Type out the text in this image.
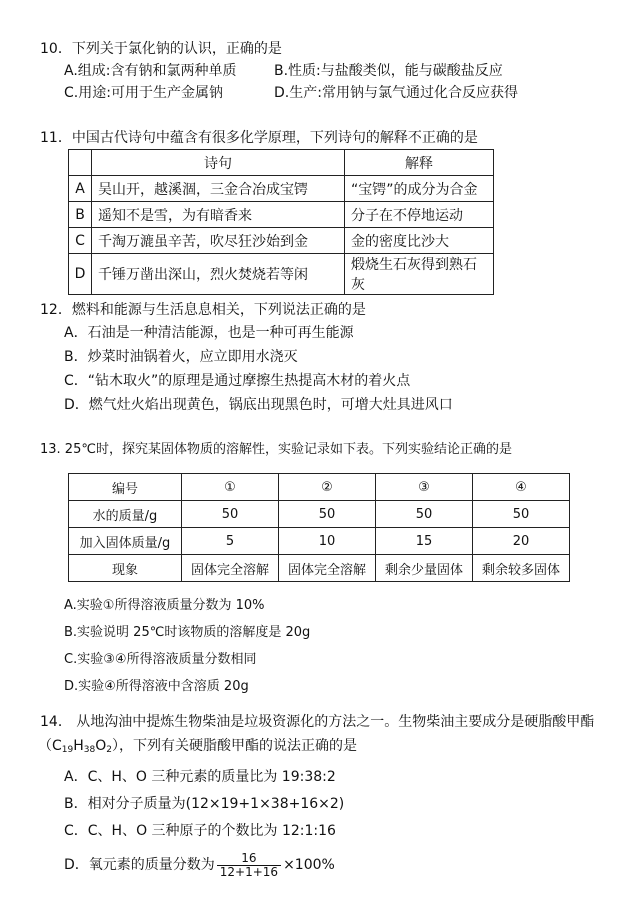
10．下列关于氯化钠的认识，正确的是

A.组成:含有钠和氯两种单质	B.性质:与盐酸类似，能与碳酸盐反应
C.用途:可用于生产金属钠	D.生产:常用钠与氯气通过化合反应获得

11．中国古代诗句中蕴含有很多化学原理，下列诗句的解释不正确的是

	诗句	解释
A	吴山开，越溪涸，三金合冶成宝锷	“宝锷”的成分为合金
B	遥知不是雪，为有暗香来	分子在不停地运动
C	千淘万漉虽辛苦，吹尽狂沙始到金	金的密度比沙大
D	千锤万凿出深山，烈火焚烧若等闲	煅烧生石灰得到熟石灰

12．燃料和能源与生活息息相关，下列说法正确的是

A．石油是一种清洁能源，也是一种可再生能源
B．炒菜时油锅着火，应立即用水浇灭
C．“钻木取火”的原理是通过摩擦生热提高木材的着火点
D．燃气灶火焰出现黄色，锅底出现黑色时，可增大灶具进风口

13. 25℃时，探究某固体物质的溶解性，实验记录如下表。下列实验结论正确的是

编号	①	②	③	④
水的质量/g	50	50	50	50
加入固体质量/g	5	10	15	20
现象	固体完全溶解	固体完全溶解	剩余少量固体	剩余较多固体
A.实验①所得溶液质量分数为 10%
B.实验说明 25℃时该物质的溶解度是 20g
C.实验③④所得溶液质量分数相同
D.实验④所得溶液中含溶质 20g

14． 从地沟油中提炼生物柴油是垃圾资源化的方法之一。生物柴油主要成分是硬脂酸甲酯

$(C_{19}H_{38}O_2)$，下列有关硬脂酸甲酯的说法正确的是

A．C、H、O 三种元素的质量比为 19:38:2
B．相对分子质量为(12×19+1×38+16×2)
C．C、H、O 三种原子的个数比为 12:1:16
D．氧元素的质量分数为 $\frac{16}{12+1+16} \times 100\%$
